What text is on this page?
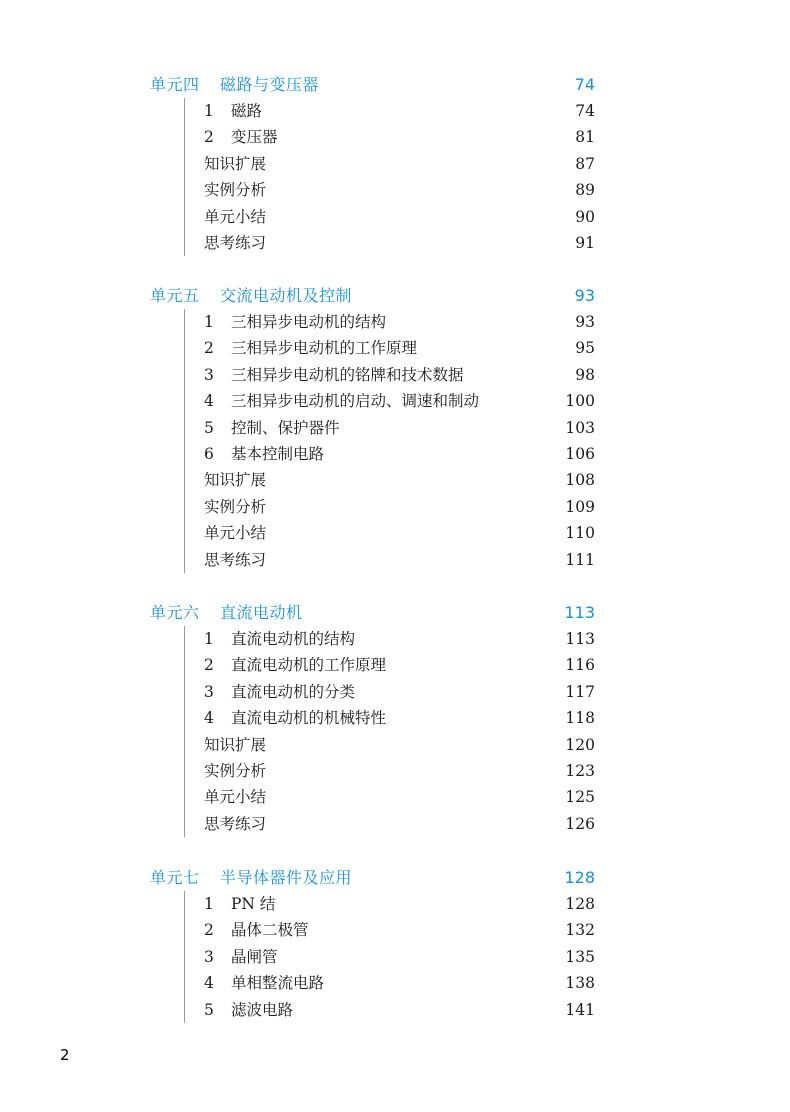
单元四 磁路与变压器	74
1 磁路	74
2 变压器	81
知识扩展	87
实例分析	89
单元小结	90
思考练习	91
单元五 交流电动机及控制	93
1 三相异步电动机的结构	93
2 三相异步电动机的工作原理	95
3 三相异步电动机的铭牌和技术数据	98
4 三相异步电动机的启动、调速和制动	100
5 控制、保护器件	103
6 基本控制电路	106
知识扩展	108
实例分析	109
单元小结	110
思考练习	111
单元六 直流电动机	113
1 直流电动机的结构	113
2 直流电动机的工作原理	116
3 直流电动机的分类	117
4 直流电动机的机械特性	118
知识扩展	120
实例分析	123
单元小结	125
思考练习	126
单元七 半导体器件及应用	128
1 PN 结	128
2 晶体二极管	132
3 晶闸管	135
4 单相整流电路	138
5 滤波电路	141
2
